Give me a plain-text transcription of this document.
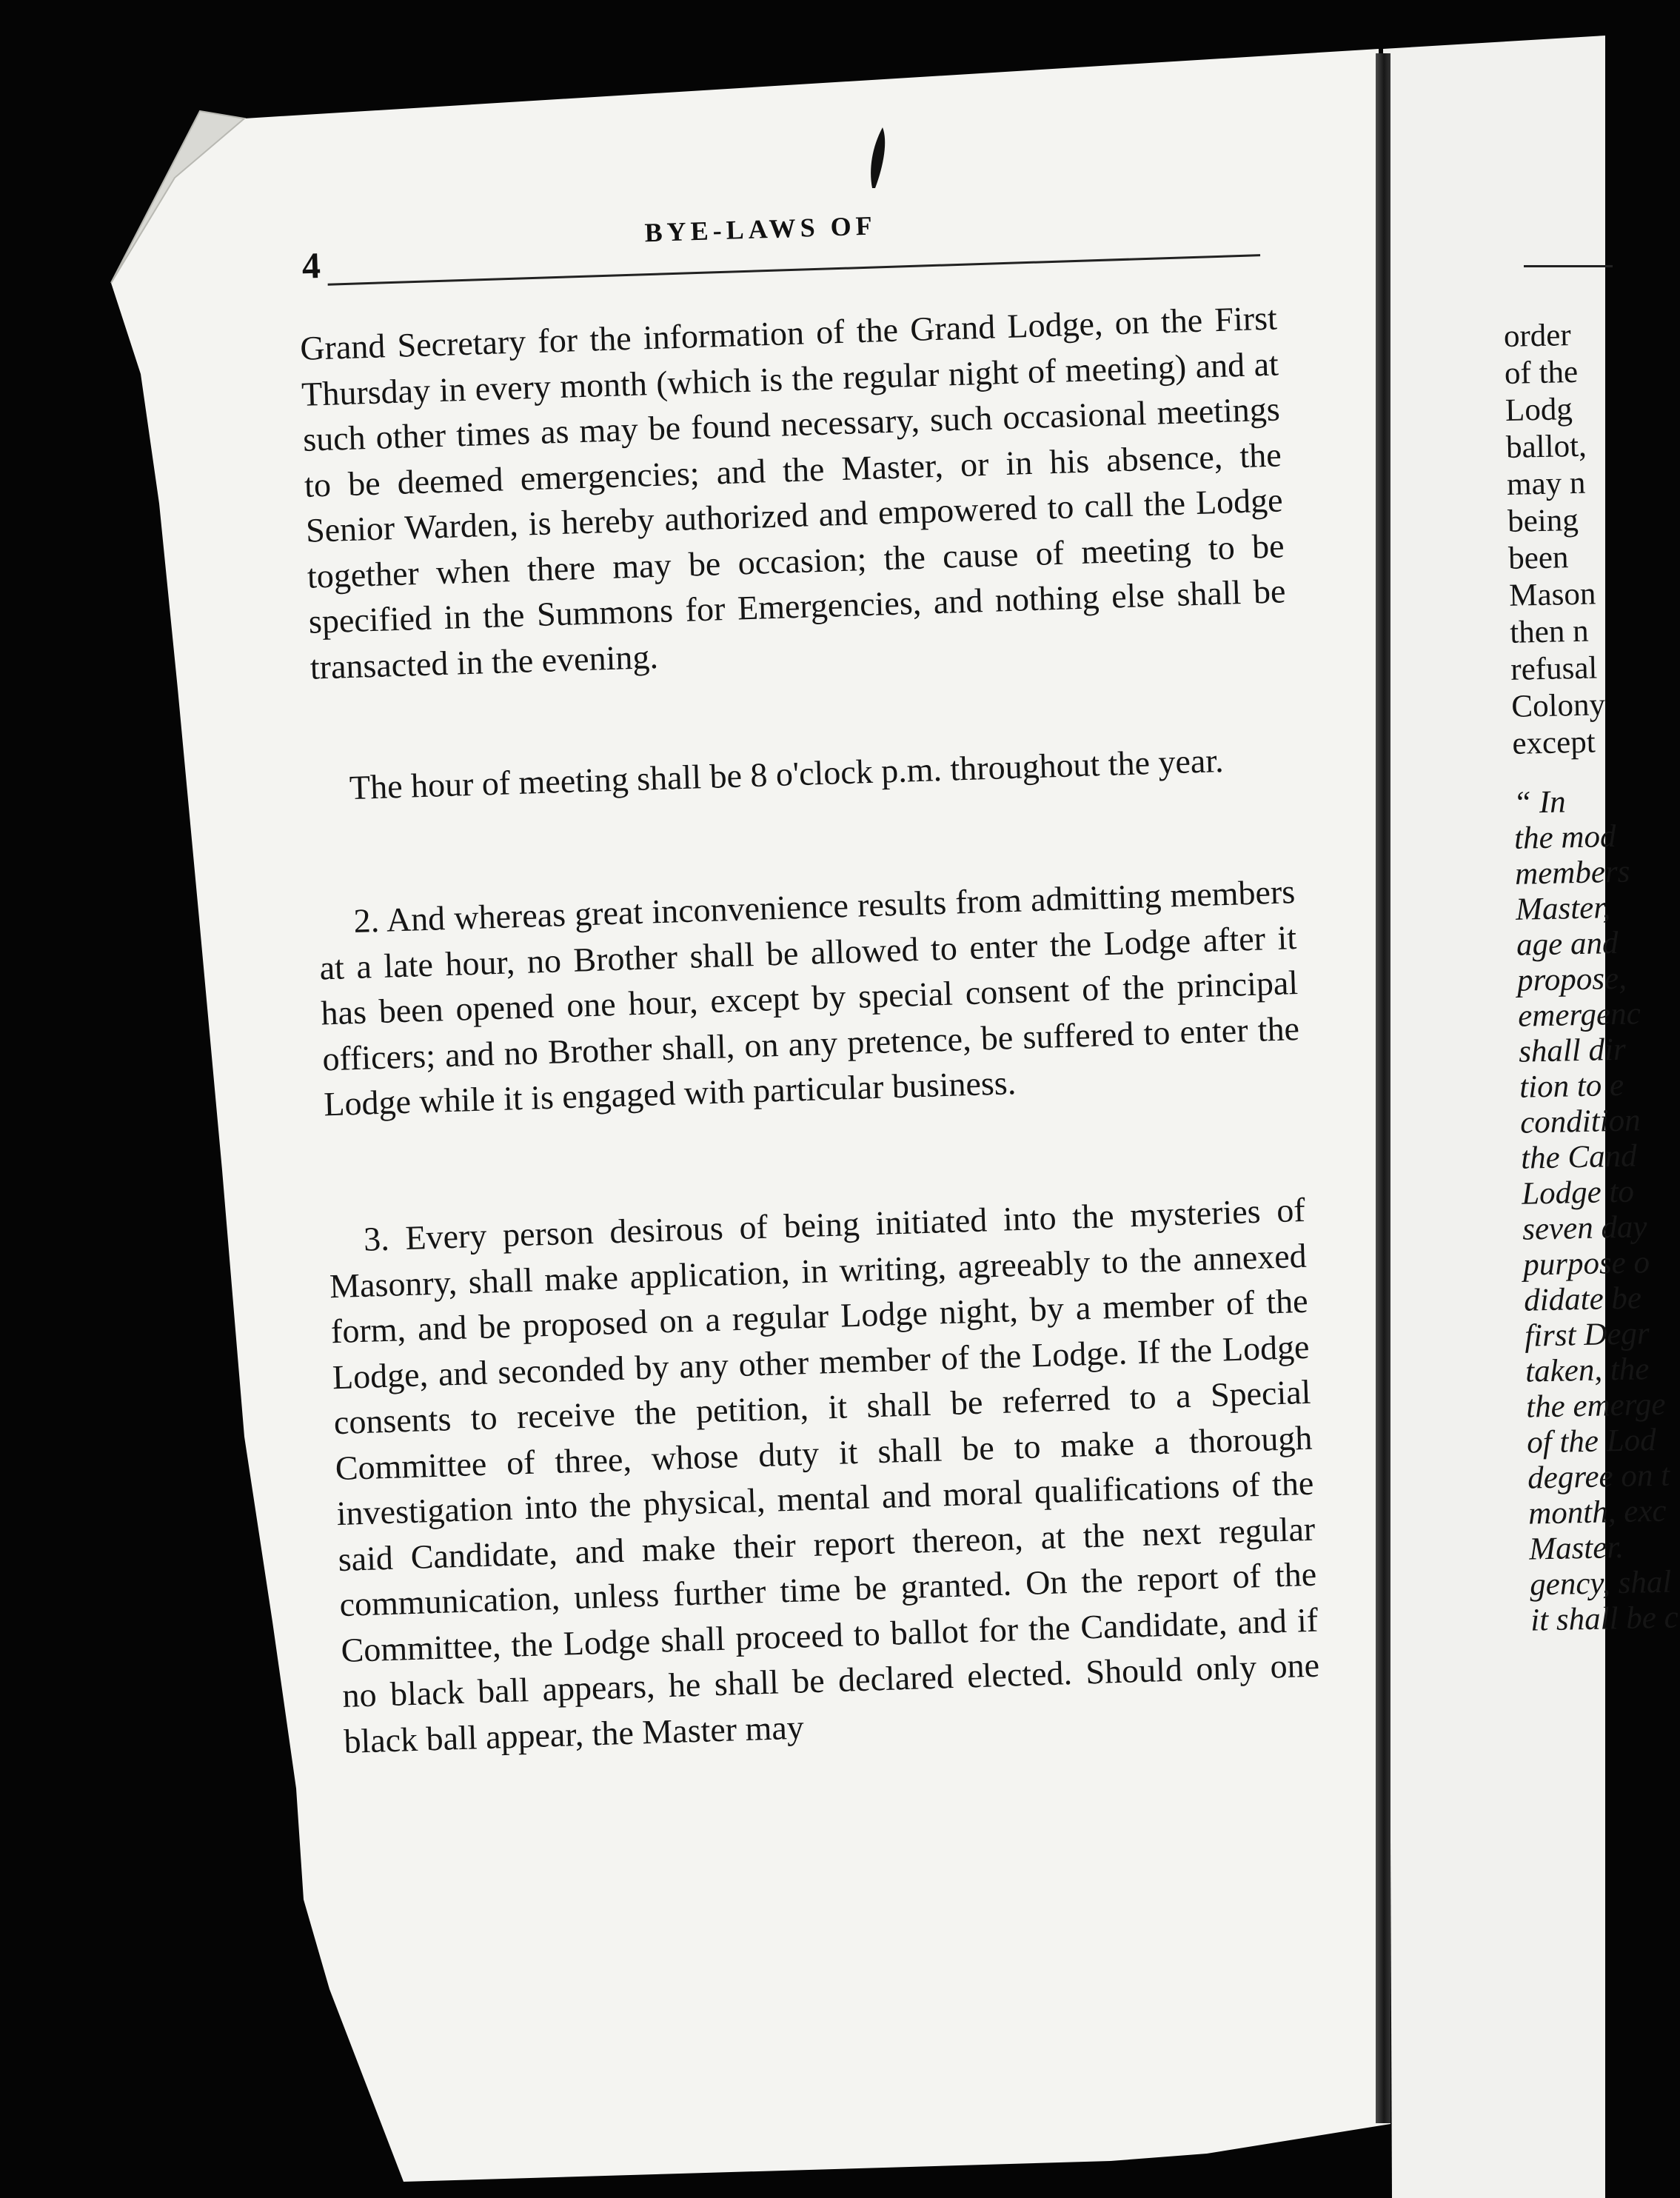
4
BYE-LAWS OF

Grand Secretary for the information of the Grand Lodge, on the First Thursday in every month (which is the regular night of meeting) and at such other times as may be found necessary, such occasional meetings to be deemed emergencies; and the Master, or in his absence, the Senior Warden, is hereby authorized and empowered to call the Lodge together when there may be occasion; the cause of meeting to be specified in the Summons for Emergencies, and nothing else shall be transacted in the evening.

The hour of meeting shall be 8 o'clock p.m. throughout the year.

2. And whereas great inconvenience results from admitting members at a late hour, no Brother shall be allowed to enter the Lodge after it has been opened one hour, except by special consent of the principal officers; and no Brother shall, on any pretence, be suffered to enter the Lodge while it is engaged with particular business.

3. Every person desirous of being initiated into the mysteries of Masonry, shall make application, in writing, agreeably to the annexed form, and be proposed on a regular Lodge night, by a member of the Lodge, and seconded by any other member of the Lodge. If the Lodge consents to receive the petition, it shall be referred to a Special Committee of three, whose duty it shall be to make a thorough investigation into the physical, mental and moral qualifications of the said Candidate, and make their report thereon, at the next regular communication, unless further time be granted. On the report of the Committee, the Lodge shall proceed to ballot for the Candidate, and if no black ball appears, he shall be declared elected. Should only one black ball appear, the Master may

order
of the
Lodg
ballot,
may n
being
been
Mason
then n
refusal
Colony
except
“ In
the mod
members
Master,
age and
propose,
emergenc
shall dir
tion to e
condition
the Cand
Lodge to
seven day
purpose o
didate be
first Degr
taken, the
the emerge
of the Lod
degree on t
month, exc
Master.
gency, shal
it shall be c
